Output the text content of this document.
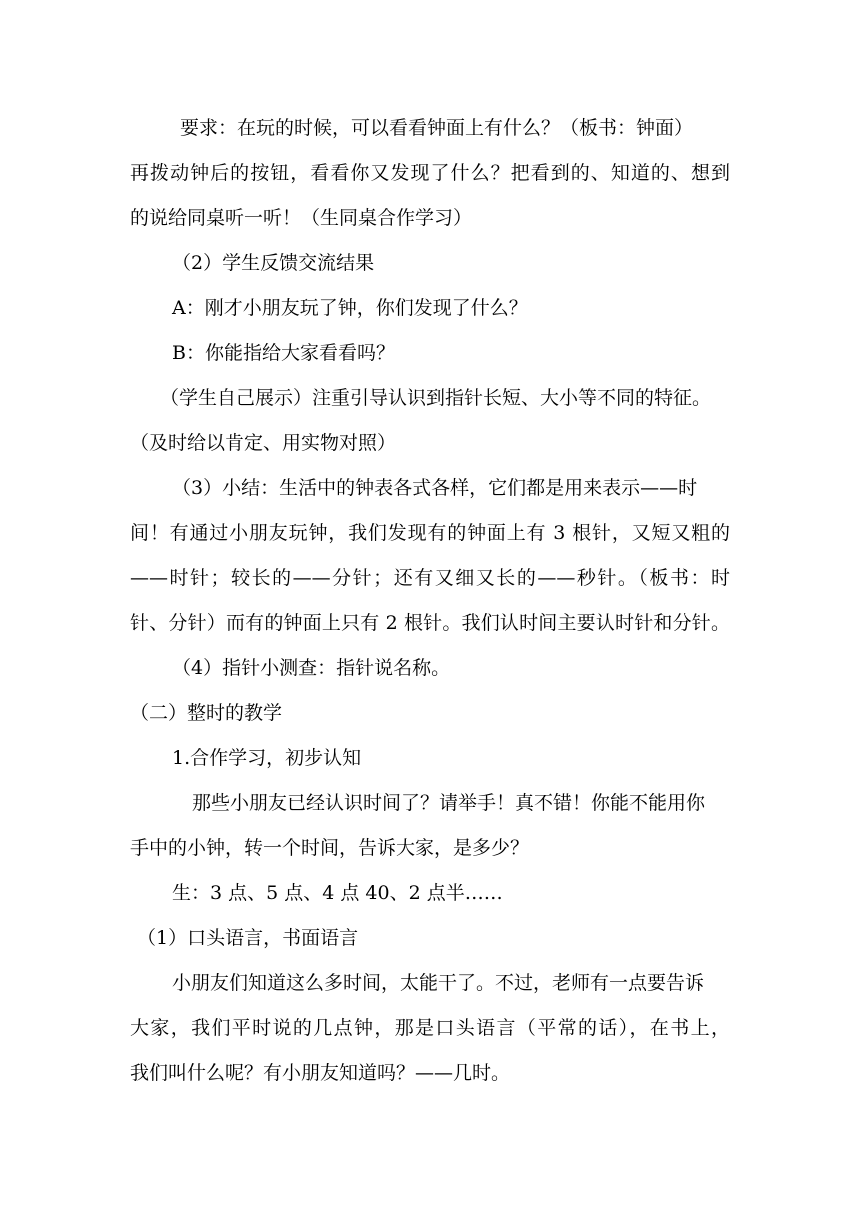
要求：在玩的时候，可以看看钟面上有什么？（板书：钟面）
再拨动钟后的按钮，看看你又发现了什么？把看到的、知道的、想到
的说给同桌听一听！（生同桌合作学习）
（2）学生反馈交流结果
A：刚才小朋友玩了钟，你们发现了什么？
B：你能指给大家看看吗？
（学生自己展示）注重引导认识到指针长短、大小等不同的特征。
（及时给以肯定、用实物对照）
（3）小结：生活中的钟表各式各样，它们都是用来表示——时
间！有通过小朋友玩钟，我们发现有的钟面上有 3 根针，又短又粗的
——时针；较长的——分针；还有又细又长的——秒针。（板书：时
针、分针）而有的钟面上只有 2 根针。我们认时间主要认时针和分针。
（4）指针小测查：指针说名称。
（二）整时的教学
1.合作学习，初步认知
那些小朋友已经认识时间了？请举手！真不错！你能不能用你
手中的小钟，转一个时间，告诉大家，是多少？
生：3 点、5 点、4 点 40、2 点半……
（1）口头语言，书面语言
小朋友们知道这么多时间，太能干了。不过，老师有一点要告诉
大家，我们平时说的几点钟，那是口头语言（平常的话），在书上，
我们叫什么呢？有小朋友知道吗？——几时。
